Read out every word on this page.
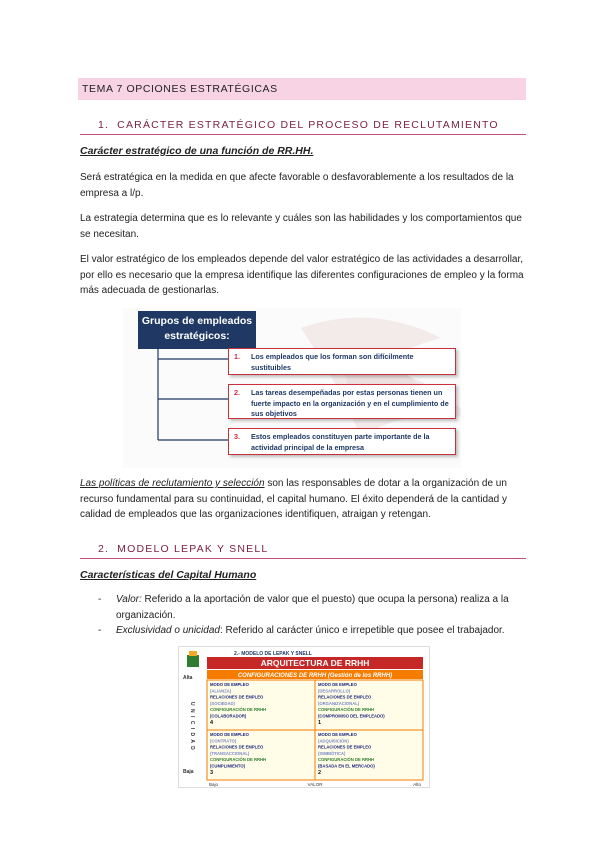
TEMA 7 OPCIONES ESTRATÉGICAS
1. CARÁCTER ESTRATÉGICO DEL PROCESO DE RECLUTAMIENTO
Carácter estratégico de una función de RR.HH.
Será estratégica en la medida en que afecte favorable o desfavorablemente a los resultados de la empresa a l/p.
La estrategia determina que es lo relevante y cuáles son las habilidades y los comportamientos que se necesitan.
El valor estratégico de los empleados depende del valor estratégico de las actividades a desarrollar, por ello es necesario que la empresa identifique las diferentes configuraciones de empleo y la forma más adecuada de gestionarlas.
Grupos de empleados estratégicos:
1. Los empleados que los forman son difícilmente sustituibles
2. Las tareas desempeñadas por estas personas tienen un fuerte impacto en la organización y en el cumplimiento de sus objetivos
3. Estos empleados constituyen parte importante de la actividad principal de la empresa
Las políticas de reclutamiento y selección son las responsables de dotar a la organización de un recurso fundamental para su continuidad, el capital humano. El éxito dependerá de la cantidad y calidad de empleados que las organizaciones identifiquen, atraigan y retengan.
2. MODELO LEPAK Y SNELL
Características del Capital Humano
- Valor: Referido a la aportación de valor que el puesto) que ocupa la persona) realiza a la organización.
- Exclusividad o unicidad: Referido al carácter único e irrepetible que posee el trabajador.
2.- MODELO DE LEPAK Y SNELL
ARQUITECTURA DE RRHH
CONFIGURACIONES DE RRHH (Gestión de los RRHH)
Alta
Baja
U N I C I D A D
MODO DE EMPLEO
(ALIANZA)
RELACIONES DE EMPLEO
(SOCIEDAD)
CONFIGURACIÓN DE RRHH
(COLABORADOR)
4
MODO DE EMPLEO
(DESARROLLO)
RELACIONES DE EMPLEO
(ORGANIZACIONAL)
CONFIGURACIÓN DE RRHH
(COMPROMISO DEL EMPLEADO)
1
MODO DE EMPLEO
(CONTRATO)
RELACIONES DE EMPLEO
(TRANSACCIONAL)
CONFIGURACIÓN DE RRHH
(CUMPLIMIENTO)
3
MODO DE EMPLEO
(ADQUISICIÓN)
RELACIONES DE EMPLEO
(SIMBIÓTICA)
CONFIGURACIÓN DE RRHH
(BASADA EN EL MERCADO)
2
Bajo	VALOR	Alto
